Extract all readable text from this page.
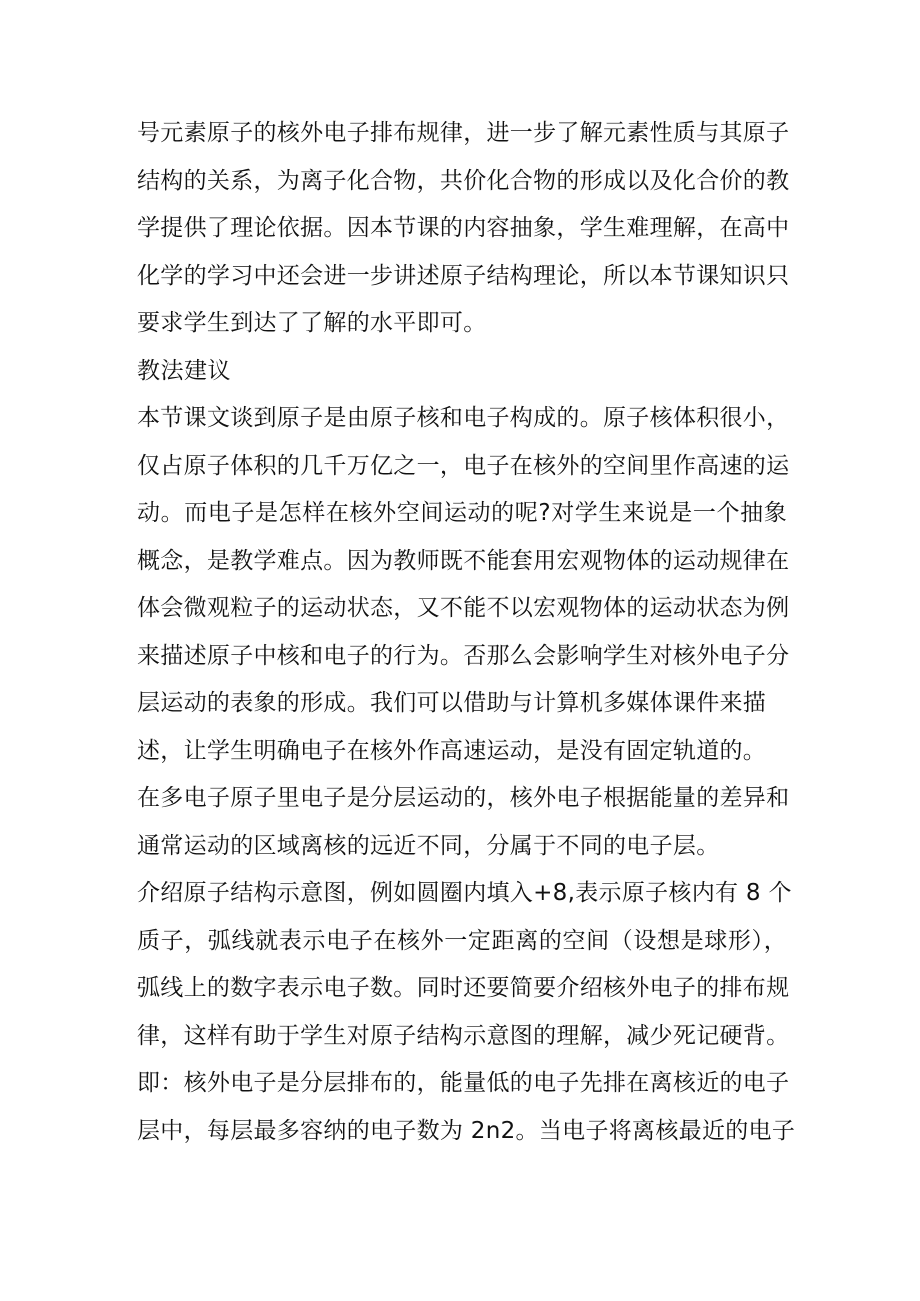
号元素原子的核外电子排布规律，进一步了解元素性质与其原子
结构的关系，为离子化合物，共价化合物的形成以及化合价的教
学提供了理论依据。因本节课的内容抽象，学生难理解，在高中
化学的学习中还会进一步讲述原子结构理论，所以本节课知识只
要求学生到达了了解的水平即可。
教法建议
本节课文谈到原子是由原子核和电子构成的。原子核体积很小，
仅占原子体积的几千万亿之一，电子在核外的空间里作高速的运
动。而电子是怎样在核外空间运动的呢?对学生来说是一个抽象
概念，是教学难点。因为教师既不能套用宏观物体的运动规律在
体会微观粒子的运动状态，又不能不以宏观物体的运动状态为例
来描述原子中核和电子的行为。否那么会影响学生对核外电子分
层运动的表象的形成。我们可以借助与计算机多媒体课件来描
述，让学生明确电子在核外作高速运动，是没有固定轨道的。
在多电子原子里电子是分层运动的，核外电子根据能量的差异和
通常运动的区域离核的远近不同，分属于不同的电子层。
介绍原子结构示意图，例如圆圈内填入+8,表示原子核内有 8 个
质子，弧线就表示电子在核外一定距离的空间（设想是球形），
弧线上的数字表示电子数。同时还要简要介绍核外电子的排布规
律，这样有助于学生对原子结构示意图的理解，减少死记硬背。
即：核外电子是分层排布的，能量低的电子先排在离核近的电子
层中，每层最多容纳的电子数为 2n2。当电子将离核最近的电子
